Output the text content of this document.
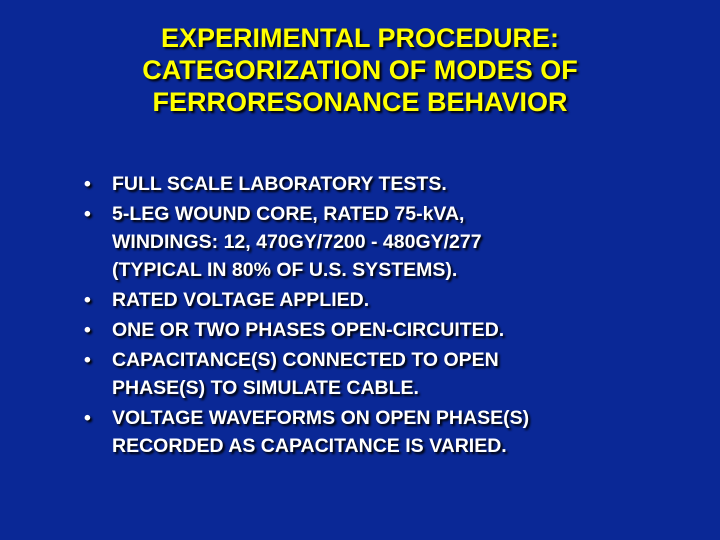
EXPERIMENTAL PROCEDURE:
CATEGORIZATION OF MODES OF
FERRORESONANCE BEHAVIOR
• FULL SCALE LABORATORY TESTS.
• 5-LEG WOUND CORE, RATED 75-kVA,
WINDINGS: 12, 470GY/7200 - 480GY/277
(TYPICAL IN 80% OF U.S. SYSTEMS).
• RATED VOLTAGE APPLIED.
• ONE OR TWO PHASES OPEN-CIRCUITED.
• CAPACITANCE(S) CONNECTED TO OPEN
PHASE(S) TO SIMULATE CABLE.
• VOLTAGE WAVEFORMS ON OPEN PHASE(S)
RECORDED AS CAPACITANCE IS VARIED.
